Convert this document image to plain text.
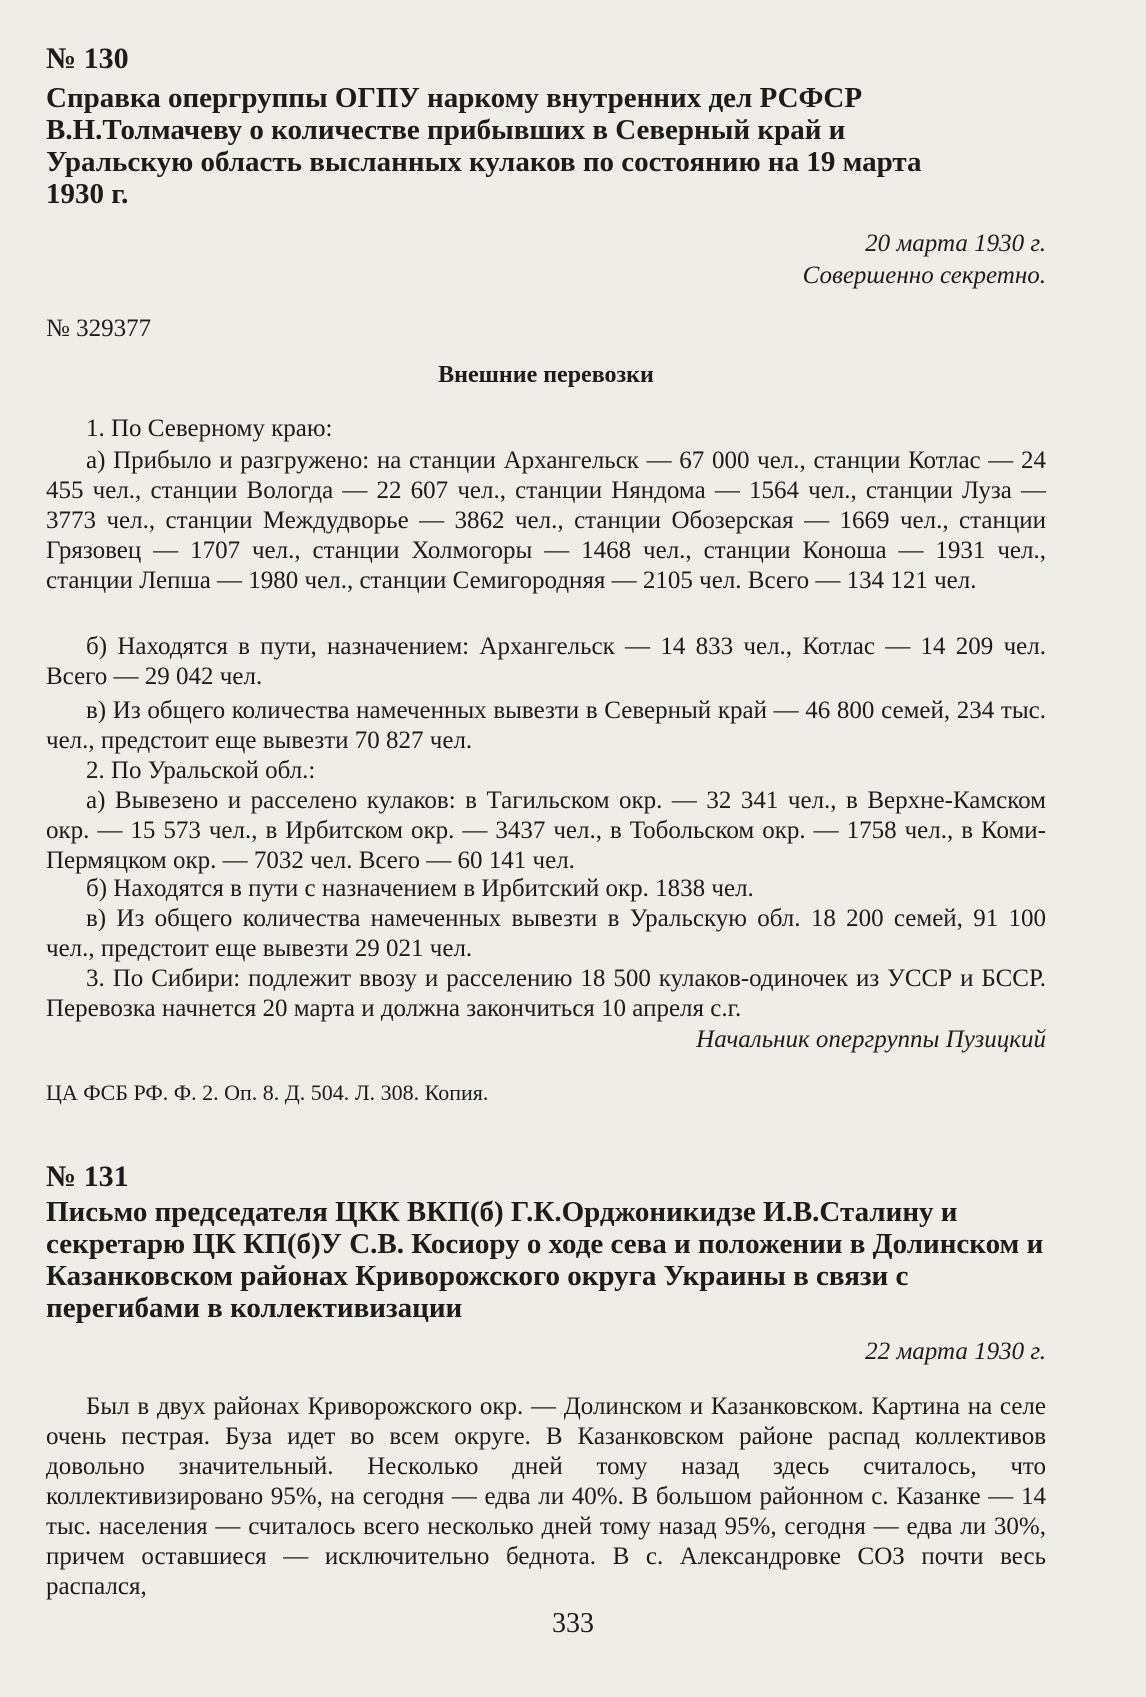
№ 130
Справка опергруппы ОГПУ наркому внутренних дел РСФСР В.Н.Толмачеву о количестве прибывших в Северный край и Уральскую область высланных кулаков по состоянию на 19 марта 1930 г.
20 марта 1930 г.
Совершенно секретно.
№ 329377
Внешние перевозки
1. По Северному краю:
а) Прибыло и разгружено: на станции Архангельск — 67 000 чел., станции Котлас — 24 455 чел., станции Вологда — 22 607 чел., станции Няндома — 1564 чел., станции Луза — 3773 чел., станции Междудворье — 3862 чел., станции Обозерская — 1669 чел., станции Грязовец — 1707 чел., станции Холмогоры — 1468 чел., станции Коноша — 1931 чел., станции Лепша — 1980 чел., станции Семигородняя — 2105 чел. Всего — 134 121 чел.
б) Находятся в пути, назначением: Архангельск — 14 833 чел., Котлас — 14 209 чел. Всего — 29 042 чел.
в) Из общего количества намеченных вывезти в Северный край — 46 800 семей, 234 тыс. чел., предстоит еще вывезти 70 827 чел.
2. По Уральской обл.:
а) Вывезено и расселено кулаков: в Тагильском окр. — 32 341 чел., в Верхне-Камском окр. — 15 573 чел., в Ирбитском окр. — 3437 чел., в Тобольском окр. — 1758 чел., в Коми-Пермяцком окр. — 7032 чел. Всего — 60 141 чел.
б) Находятся в пути с назначением в Ирбитский окр. 1838 чел.
в) Из общего количества намеченных вывезти в Уральскую обл. 18 200 семей, 91 100 чел., предстоит еще вывезти 29 021 чел.
3. По Сибири: подлежит ввозу и расселению 18 500 кулаков-одиночек из УССР и БССР. Перевозка начнется 20 марта и должна закончиться 10 апреля с.г.
Начальник опергруппы Пузицкий
ЦА ФСБ РФ. Ф. 2. Оп. 8. Д. 504. Л. 308. Копия.
№ 131
Письмо председателя ЦКК ВКП(б) Г.К.Орджоникидзе И.В.Сталину и секретарю ЦК КП(б)У С.В. Косиору о ходе сева и положении в Долинском и Казанковском районах Криворожского округа Украины в связи с перегибами в коллективизации
22 марта 1930 г.
Был в двух районах Криворожского окр. — Долинском и Казанковском. Картина на селе очень пестрая. Буза идет во всем округе. В Казанковском районе распад коллективов довольно значительный. Несколько дней тому назад здесь считалось, что коллективизировано 95%, на сегодня — едва ли 40%. В большом районном с. Казанке — 14 тыс. населения — считалось всего несколько дней тому назад 95%, сегодня — едва ли 30%, причем оставшиеся — исключительно беднота. В с. Александровке СОЗ почти весь распался,
333
